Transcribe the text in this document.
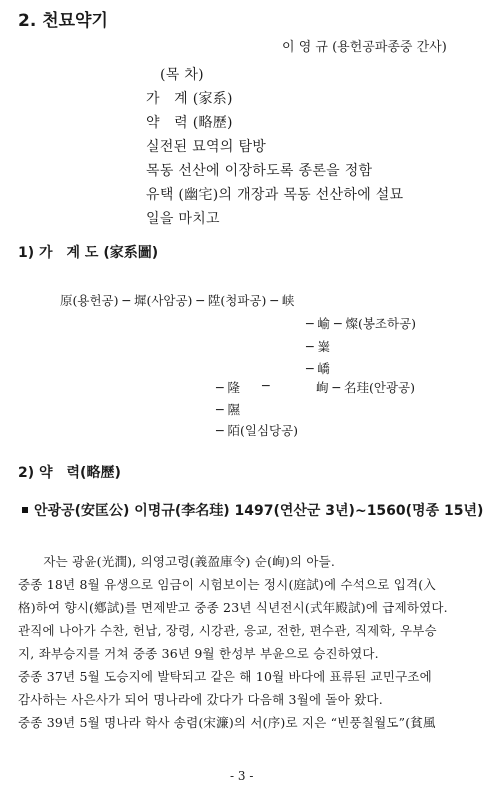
2. 천묘약기
이 영 규 (용헌공파종중 간사)
(목 차)
가　계 (家系)
약　력 (略歷)
실전된 묘역의 탐방
목동 선산에 이장하도록 종론을 정함
유택 (幽宅)의 개장과 목동 선산하에 설묘
일을 마치고
1) 가　계 도 (家系圖)
原(용헌공) ─ 墀(사암공) ─ 陞(청파공) ─ 峡
─ 崳 ─ 燦(봉조하공)
─ 嶪
─ 嶠
─ 隆 ─	峋 ─ 名珪(안광공)
─ 隰
─ 陌(일심당공)
2) 약　력(略歷)
안광공(安匡公) 이명규(李名珪) 1497(연산군 3년)~1560(명종 15년)
　　자는 광윤(光潤), 의영고령(義盈庫令) 순(峋)의 아들.
중종 18년 8월 유생으로 임금이 시험보이는 정시(庭試)에 수석으로 입격(入
格)하여 향시(鄕試)를 면제받고 중종 23년 식년전시(式年殿試)에 급제하였다.
관직에 나아가 수찬, 헌납, 장령, 시강관, 응교, 전한, 편수관, 직제학, 우부승
지, 좌부승지를 거쳐 중종 36년 9월 한성부 부윤으로 승진하였다.
중종 37년 5월 도승지에 발탁되고 같은 해 10월 바다에 표류된 교민구조에
감사하는 사은사가 되어 명나라에 갔다가 다음해 3월에 돌아 왔다.
중종 39년 5월 명나라 학사 송렴(宋濂)의 서(序)로 지은 “빈풍칠월도”(貧風
- 3 -
